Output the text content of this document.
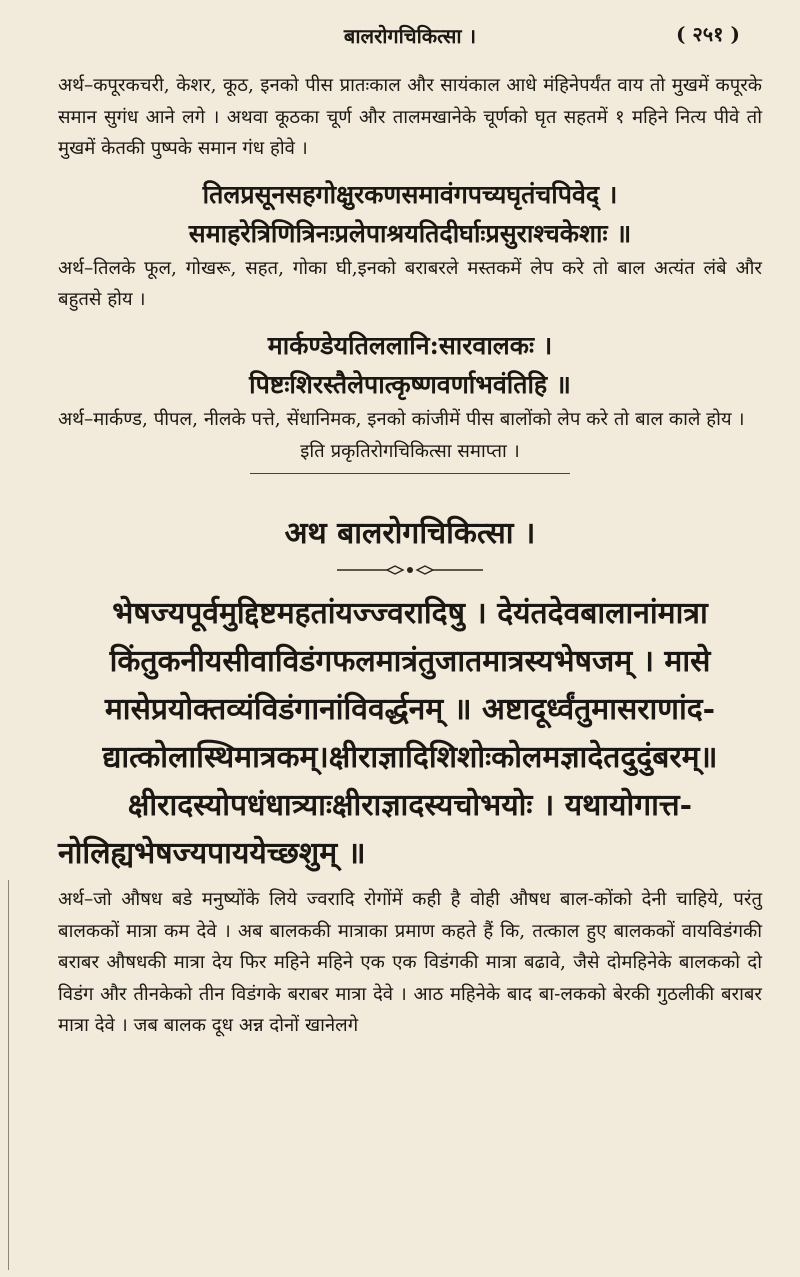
बालरोगचिकित्सा ।	( २५१ )

अर्थ–कपूरकचरी, केशर, कूठ, इनको पीस प्रातःकाल और सायंकाल आधे मंहिनेपर्यंत वाय तो मुखमें कपूरके समान सुगंध आने लगे । अथवा कूठका चूर्ण और तालमखानेके चूर्णको घृत सहतमें १ महिने नित्य पीवे तो मुखमें केतकी पुष्पके समान गंध होवे ।

तिलप्रसूनसहगोक्षुरकणसमावंगपच्यघृतंचपिवेद् ।

समाहरेत्रिणित्रिनःप्रलेपाश्रयतिदीर्घाःप्रसुराश्चकेशाः ॥

अर्थ–तिलके फूल, गोखरू, सहत, गोका घी,इनको बराबरले मस्तकमें लेप करे तो बाल अत्यंत लंबे और बहुतसे होय ।

मार्कण्डेयतिललानि:सारवालकः ।

पिष्टःशिरस्तैलेपात्कृष्णवर्णाभवंतिहि ॥

अर्थ–मार्कण्ड, पीपल, नीलके पत्ते, सेंधानिमक, इनको कांजीमें पीस बालोंको लेप करे तो बाल काले होय ।

इति प्रकृतिरोगचिकित्सा समाप्ता ।

अथ बालरोगचिकित्सा ।

भेषज्यपूर्वमुद्दिष्टमहतांयज्ज्वरादिषु । देयंतदेवबालानांमात्रा

किंतुकनीयसीवाविडंगफलमात्रंतुजातमात्रस्यभेषजम् । मासे

मासेप्रयोक्तव्यंविडंगानांविवर्द्धनम् ॥ अष्टादूर्ध्वंतुमासराणांद-

द्यात्कोलास्थिमात्रकम्।क्षीराज्ञादिशिशोःकोलमज्ञादेतदुदुंबरम्॥

क्षीरादस्योपधंधात्र्याःक्षीराज्ञादस्यचोभयोः । यथायोगात्त-

नोलिह्यभेषज्यपाययेच्छशुम् ॥

अर्थ–जो औषध बडे मनुष्योंके लिये ज्वरादि रोगोंमें कही है वोही औषध बाल-कोंको देनी चाहिये, परंतु बालककों मात्रा कम देवे । अब बालककी मात्राका प्रमाण कहते हैं कि, तत्काल हुए बालककों वायविडंगकी बराबर औषधकी मात्रा देय फिर महिने महिने एक एक विडंगकी मात्रा बढावे, जैसे दोमहिनेके बालकको दो विडंग और तीनकेको तीन विडंगके बराबर मात्रा देवे । आठ महिनेके बाद बा-लकको बेरकी गुठलीकी बराबर मात्रा देवे । जब बालक दूध अन्न दोनों खानेलगे
